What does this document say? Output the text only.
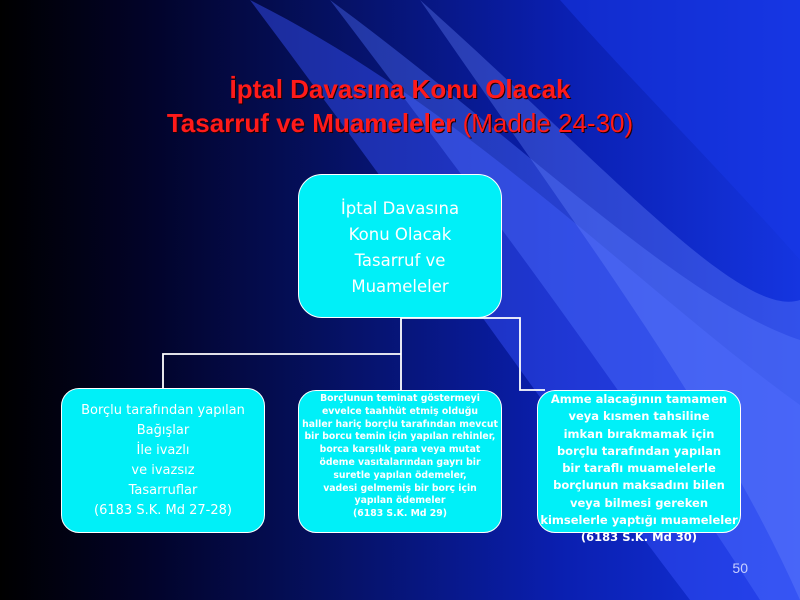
İptal Davasına Konu Olacak
Tasarruf ve Muameleler (Madde 24-30)
İptal Davasına
Konu Olacak
Tasarruf ve
Muameleler
Borçlu tarafından yapılan
Bağışlar
İle ivazlı
ve ivazsız
Tasarruflar
(6183 S.K. Md 27-28)
Borçlunun teminat göstermeyi
evvelce taahhüt etmiş olduğu
haller hariç borçlu tarafından mevcut
bir borcu temin için yapılan rehinler,
borca karşılık para veya mutat
ödeme vasıtalarından gayrı bir
suretle yapılan ödemeler,
vadesi gelmemiş bir borç için
yapılan ödemeler
(6183 S.K. Md 29)
Amme alacağının tamamen
veya kısmen tahsiline
imkan bırakmamak için
borçlu tarafından yapılan
bir taraflı muamelelerle
borçlunun maksadını bilen
veya bilmesi gereken
kimselerle yaptığı muameleler
(6183 S.K. Md 30)
50
